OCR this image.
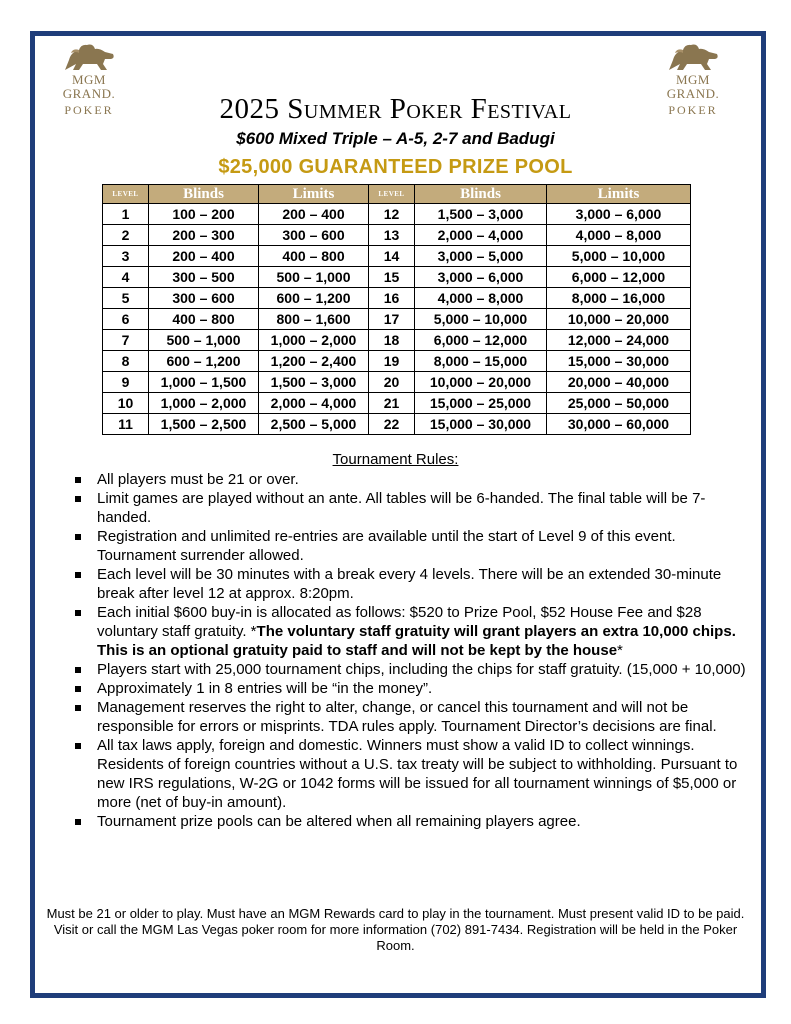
MGM GRAND.
POKER
MGM GRAND.
POKER
2025 Summer Poker Festival
$600 Mixed Triple – A-5, 2-7 and Badugi
$25,000 GUARANTEED PRIZE POOL
LEVEL	Blinds	Limits	LEVEL	Blinds	Limits
1	100 – 200	200 – 400	12	1,500 – 3,000	3,000 – 6,000
2	200 – 300	300 – 600	13	2,000 – 4,000	4,000 – 8,000
3	200 – 400	400 – 800	14	3,000 – 5,000	5,000 – 10,000
4	300 – 500	500 – 1,000	15	3,000 – 6,000	6,000 – 12,000
5	300 – 600	600 – 1,200	16	4,000 – 8,000	8,000 – 16,000
6	400 – 800	800 – 1,600	17	5,000 – 10,000	10,000 – 20,000
7	500 – 1,000	1,000 – 2,000	18	6,000 – 12,000	12,000 – 24,000
8	600 – 1,200	1,200 – 2,400	19	8,000 – 15,000	15,000 – 30,000
9	1,000 – 1,500	1,500 – 3,000	20	10,000 – 20,000	20,000 – 40,000
10	1,000 – 2,000	2,000 – 4,000	21	15,000 – 25,000	25,000 – 50,000
11	1,500 – 2,500	2,500 – 5,000	22	15,000 – 30,000	30,000 – 60,000
Tournament Rules:
All players must be 21 or over.
Limit games are played without an ante. All tables will be 6-handed. The final table will be 7-handed.
Registration and unlimited re-entries are available until the start of Level 9 of this event. Tournament surrender allowed.
Each level will be 30 minutes with a break every 4 levels. There will be an extended 30-minute break after level 12 at approx. 8:20pm.
Each initial $600 buy-in is allocated as follows: $520 to Prize Pool, $52 House Fee and $28 voluntary staff gratuity. *The voluntary staff gratuity will grant players an extra 10,000 chips. This is an optional gratuity paid to staff and will not be kept by the house*
Players start with 25,000 tournament chips, including the chips for staff gratuity. (15,000 + 10,000)
Approximately 1 in 8 entries will be “in the money”.
Management reserves the right to alter, change, or cancel this tournament and will not be responsible for errors or misprints. TDA rules apply. Tournament Director’s decisions are final.
All tax laws apply, foreign and domestic. Winners must show a valid ID to collect winnings. Residents of foreign countries without a U.S. tax treaty will be subject to withholding. Pursuant to new IRS regulations, W-2G or 1042 forms will be issued for all tournament winnings of $5,000 or more (net of buy-in amount).
Tournament prize pools can be altered when all remaining players agree.
Must be 21 or older to play. Must have an MGM Rewards card to play in the tournament. Must present valid ID to be paid. Visit or call the MGM Las Vegas poker room for more information (702) 891-7434. Registration will be held in the Poker Room.
